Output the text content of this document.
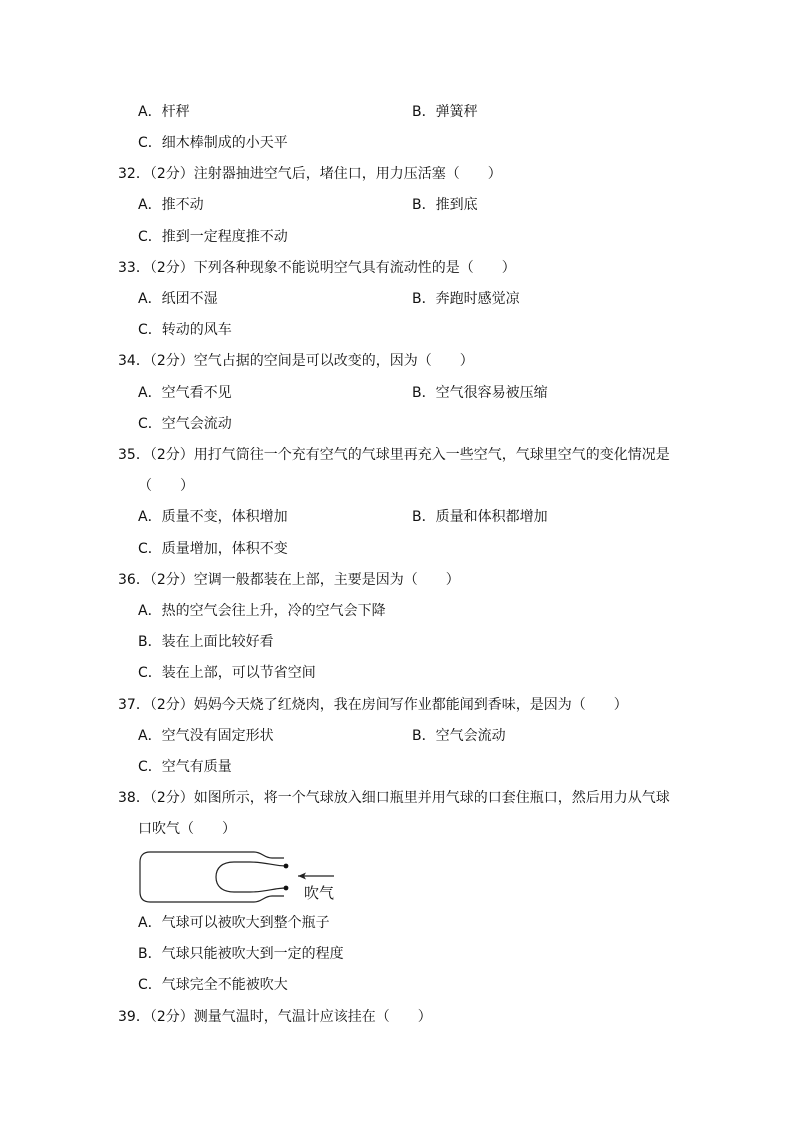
A．杆秤	B．弹簧秤
C．细木棒制成的小天平
32．（2分）注射器抽进空气后，堵住口，用力压活塞（　　）
A．推不动	B．推到底
C．推到一定程度推不动
33．（2分）下列各种现象不能说明空气具有流动性的是（　　）
A．纸团不湿	B．奔跑时感觉凉
C．转动的风车
34．（2分）空气占据的空间是可以改变的，因为（　　）
A．空气看不见	B．空气很容易被压缩
C．空气会流动
35．（2分）用打气筒往一个充有空气的气球里再充入一些空气，气球里空气的变化情况是
（　　）
A．质量不变，体积增加	B．质量和体积都增加
C．质量增加，体积不变
36．（2分）空调一般都装在上部，主要是因为（　　）
A．热的空气会往上升，冷的空气会下降
B．装在上面比较好看
C．装在上部，可以节省空间
37．（2分）妈妈今天烧了红烧肉，我在房间写作业都能闻到香味，是因为（　　）
A．空气没有固定形状	B．空气会流动
C．空气有质量
38．（2分）如图所示，将一个气球放入细口瓶里并用气球的口套住瓶口，然后用力从气球
口吹气（　　）
吹气
A．气球可以被吹大到整个瓶子
B．气球只能被吹大到一定的程度
C．气球完全不能被吹大
39．（2分）测量气温时，气温计应该挂在（　　）
